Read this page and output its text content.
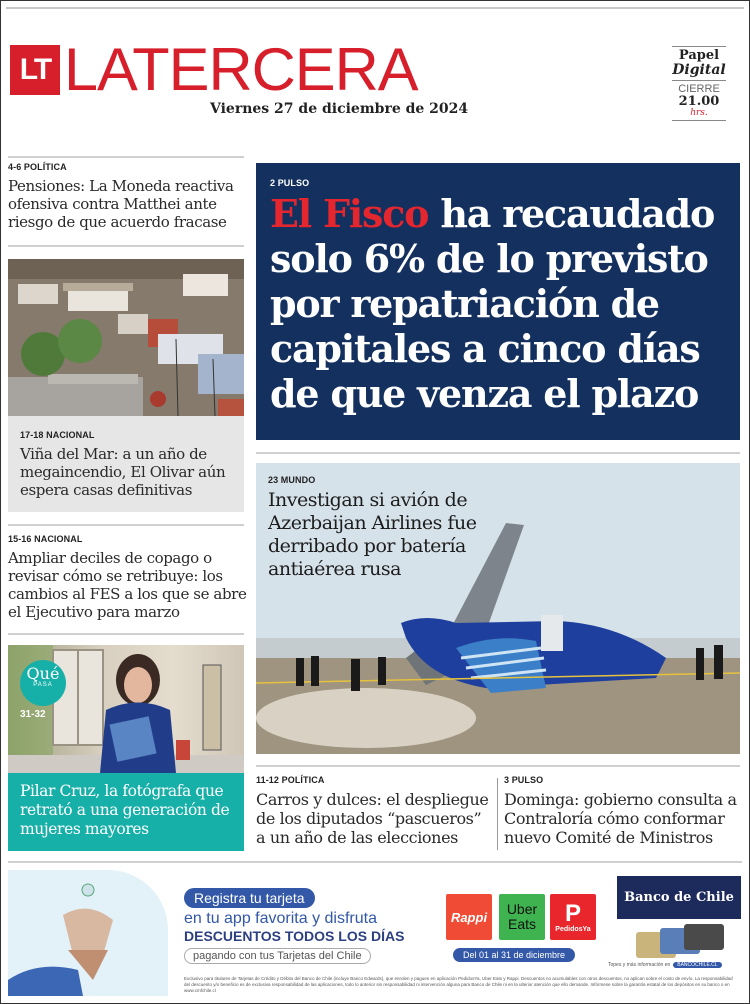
LT LATERCERA
Viernes 27 de diciembre de 2024
Papel
Digital
CIERRE
21.00
hrs.
4-6 POLÍTICA
Pensiones: La Moneda reactiva ofensiva contra Matthei ante riesgo de que acuerdo fracase
17-18 NACIONAL
Viña del Mar: a un año de megaincendio, El Olivar aún espera casas definitivas
15-16 NACIONAL
Ampliar deciles de copago o revisar cómo se retribuye: los cambios al FES a los que se abre el Ejecutivo para marzo
Qué
PASA
31-32
Pilar Cruz, la fotógrafa que retrató a una generación de mujeres mayores
2 PULSO
El Fisco ha recaudado solo 6% de lo previsto por repatriación de capitales a cinco días de que venza el plazo
23 MUNDO
Investigan si avión de Azerbaijan Airlines fue derribado por batería antiaérea rusa
11-12 POLÍTICA
Carros y dulces: el despliegue de los diputados “pascueros” a un año de las elecciones
3 PULSO
Dominga: gobierno consulta a Contraloría cómo conformar nuevo Comité de Ministros
Registra tu tarjeta
en tu app favorita y disfruta
DESCUENTOS TODOS LOS DÍAS
pagando con tus Tarjetas del Chile
Rappi	Uber Eats	P
PedidosYa
Del 01 al 31 de diciembre
Banco de Chile
Topes y más información en BANCOCHILE.CL
Exclusivo para titulares de Tarjetas de Crédito y Débito del Banco de Chile (incluye Banco Edwards), que enrolen y paguen en aplicación PedidosYa, Uber Eats y Rappi. Descuentos no acumulables con otros descuentos, no aplican sobre el costo de envío. La responsabilidad del descuento y/o beneficio es de exclusiva responsabilidad de las aplicaciones, todo lo anterior sin responsabilidad ni intervención alguna para Banco de Chile ni en la ulterior atención que ello demande. Infórmese sobre la garantía estatal de los depósitos en su banco o en www.cmfchile.cl
